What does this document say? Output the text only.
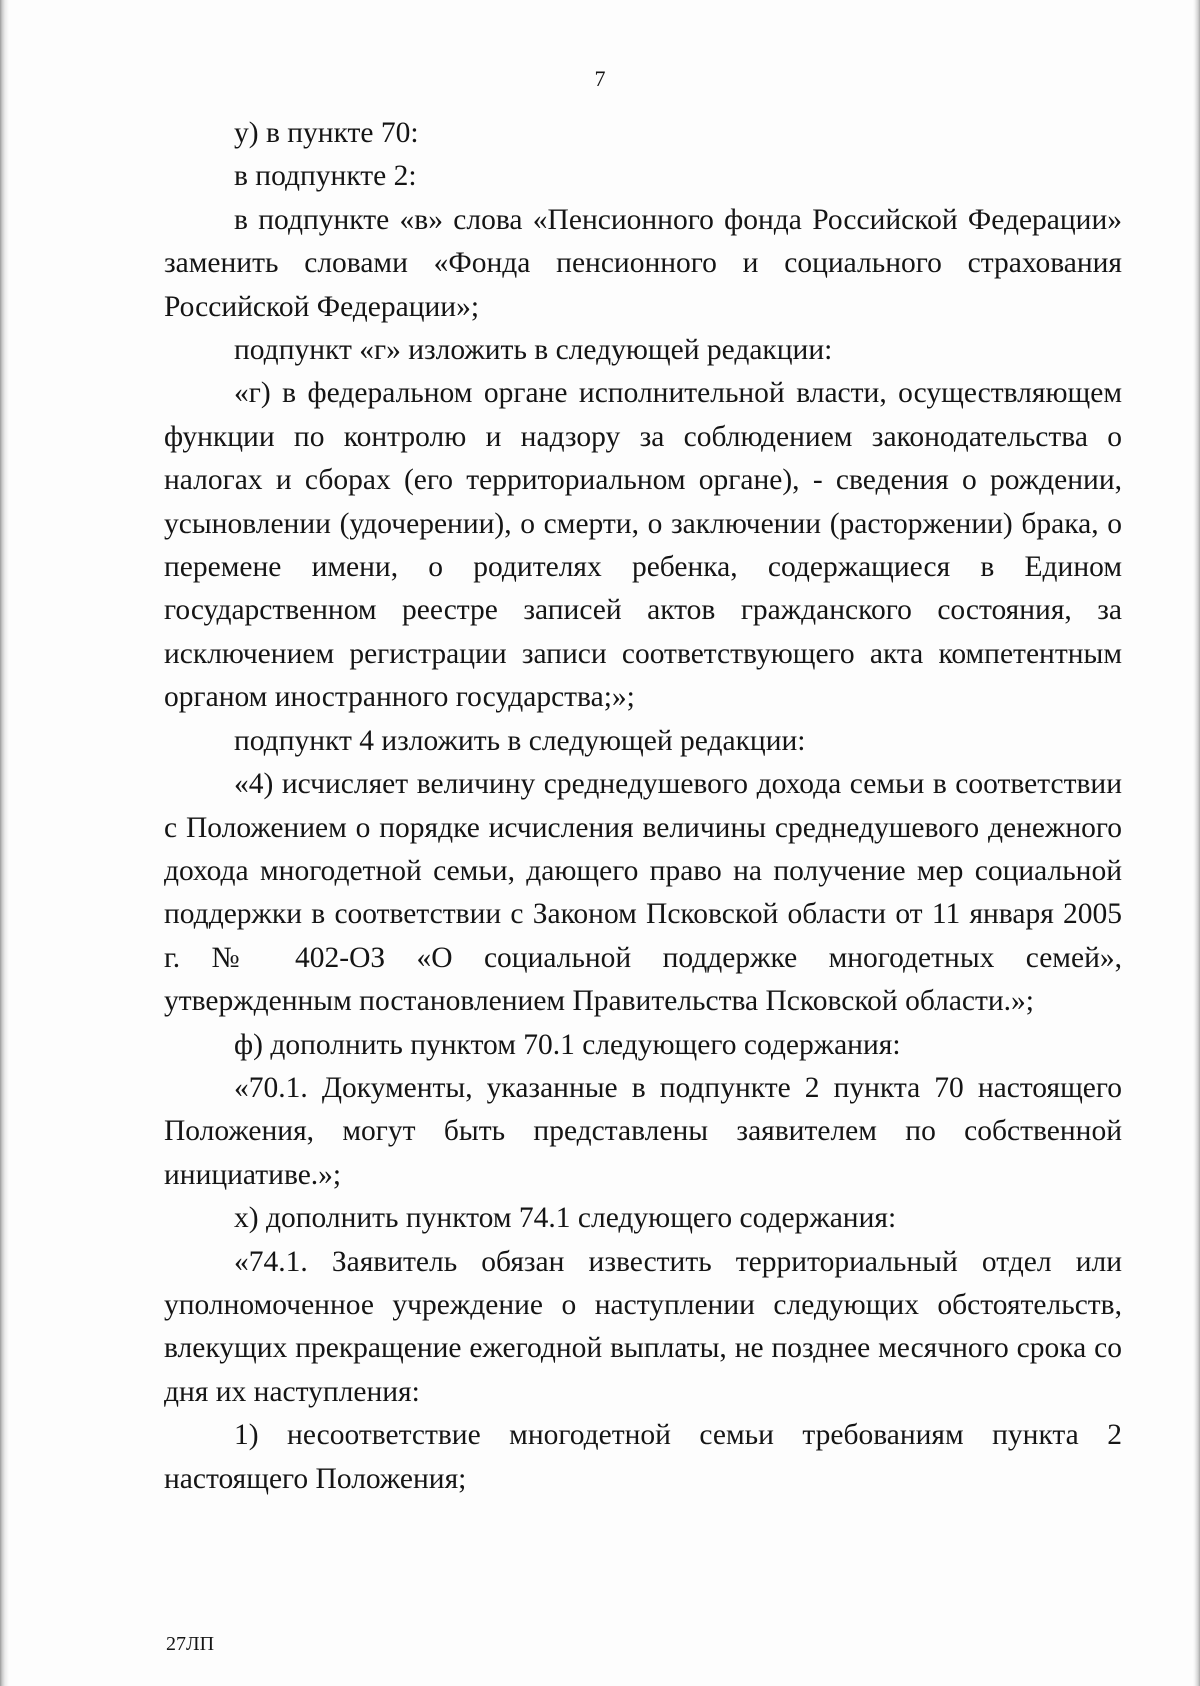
7

у) в пункте 70:

в подпункте 2:

в подпункте «в» слова «Пенсионного фонда Российской Федерации» заменить словами «Фонда пенсионного и социального страхования Российской Федерации»;

подпункт «г» изложить в следующей редакции:

«г) в федеральном органе исполнительной власти, осуществляющем функции по контролю и надзору за соблюдением законодательства о налогах и сборах (его территориальном органе), - сведения о рождении, усыновлении (удочерении), о смерти, о заключении (расторжении) брака, о перемене имени, о родителях ребенка, содержащиеся в Едином государственном реестре записей актов гражданского состояния, за исключением регистрации записи соответствующего акта компетентным органом иностранного государства;»;

подпункт 4 изложить в следующей редакции:

«4) исчисляет величину среднедушевого дохода семьи в соответствии с Положением о порядке исчисления величины среднедушевого денежного дохода многодетной семьи, дающего право на получение мер социальной поддержки в соответствии с Законом Псковской области от 11 января 2005 г. № 402-ОЗ «О социальной поддержке многодетных семей», утвержденным постановлением Правительства Псковской области.»;

ф) дополнить пунктом 70.1 следующего содержания:

«70.1. Документы, указанные в подпункте 2 пункта 70 настоящего Положения, могут быть представлены заявителем по собственной инициативе.»;

х) дополнить пунктом 74.1 следующего содержания:

«74.1. Заявитель обязан известить территориальный отдел или уполномоченное учреждение о наступлении следующих обстоятельств, влекущих прекращение ежегодной выплаты, не позднее месячного срока со дня их наступления:

1) несоответствие многодетной семьи требованиям пункта 2 настоящего Положения;

27ЛП
